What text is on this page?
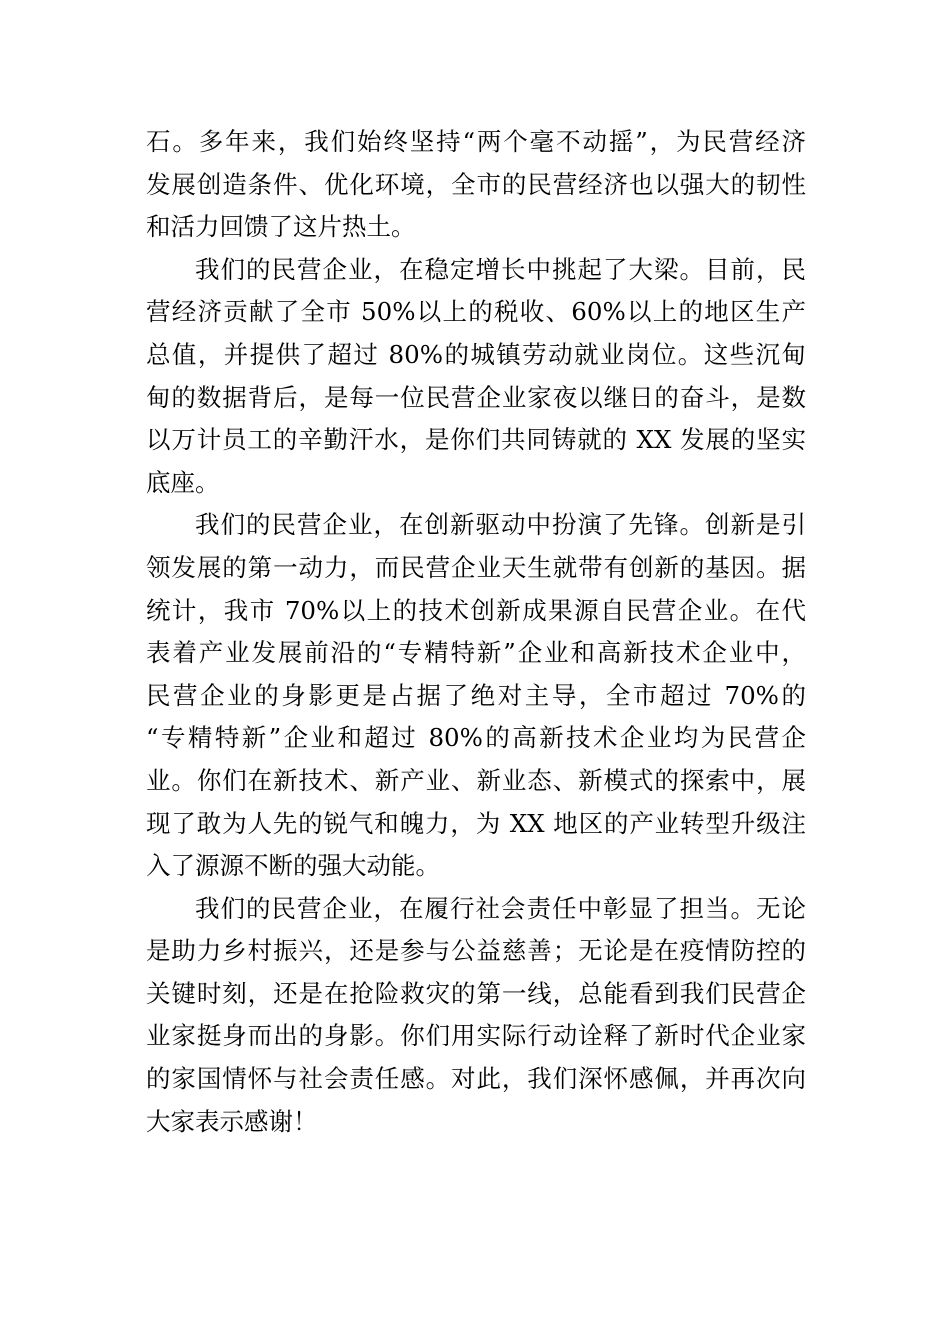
石。多年来，我们始终坚持“两个毫不动摇”，为民营经济
发展创造条件、优化环境，全市的民营经济也以强大的韧性
和活力回馈了这片热土。
我们的民营企业，在稳定增长中挑起了大梁。目前，民
营经济贡献了全市 50%以上的税收、60%以上的地区生产
总值，并提供了超过 80%的城镇劳动就业岗位。这些沉甸
甸的数据背后，是每一位民营企业家夜以继日的奋斗，是数
以万计员工的辛勤汗水，是你们共同铸就的 XX 发展的坚实
底座。
我们的民营企业，在创新驱动中扮演了先锋。创新是引
领发展的第一动力，而民营企业天生就带有创新的基因。据
统计，我市 70%以上的技术创新成果源自民营企业。在代
表着产业发展前沿的“专精特新”企业和高新技术企业中，
民营企业的身影更是占据了绝对主导，全市超过 70%的
“专精特新”企业和超过 80%的高新技术企业均为民营企
业。你们在新技术、新产业、新业态、新模式的探索中，展
现了敢为人先的锐气和魄力，为 XX 地区的产业转型升级注
入了源源不断的强大动能。
我们的民营企业，在履行社会责任中彰显了担当。无论
是助力乡村振兴，还是参与公益慈善；无论是在疫情防控的
关键时刻，还是在抢险救灾的第一线，总能看到我们民营企
业家挺身而出的身影。你们用实际行动诠释了新时代企业家
的家国情怀与社会责任感。对此，我们深怀感佩，并再次向
大家表示感谢！
